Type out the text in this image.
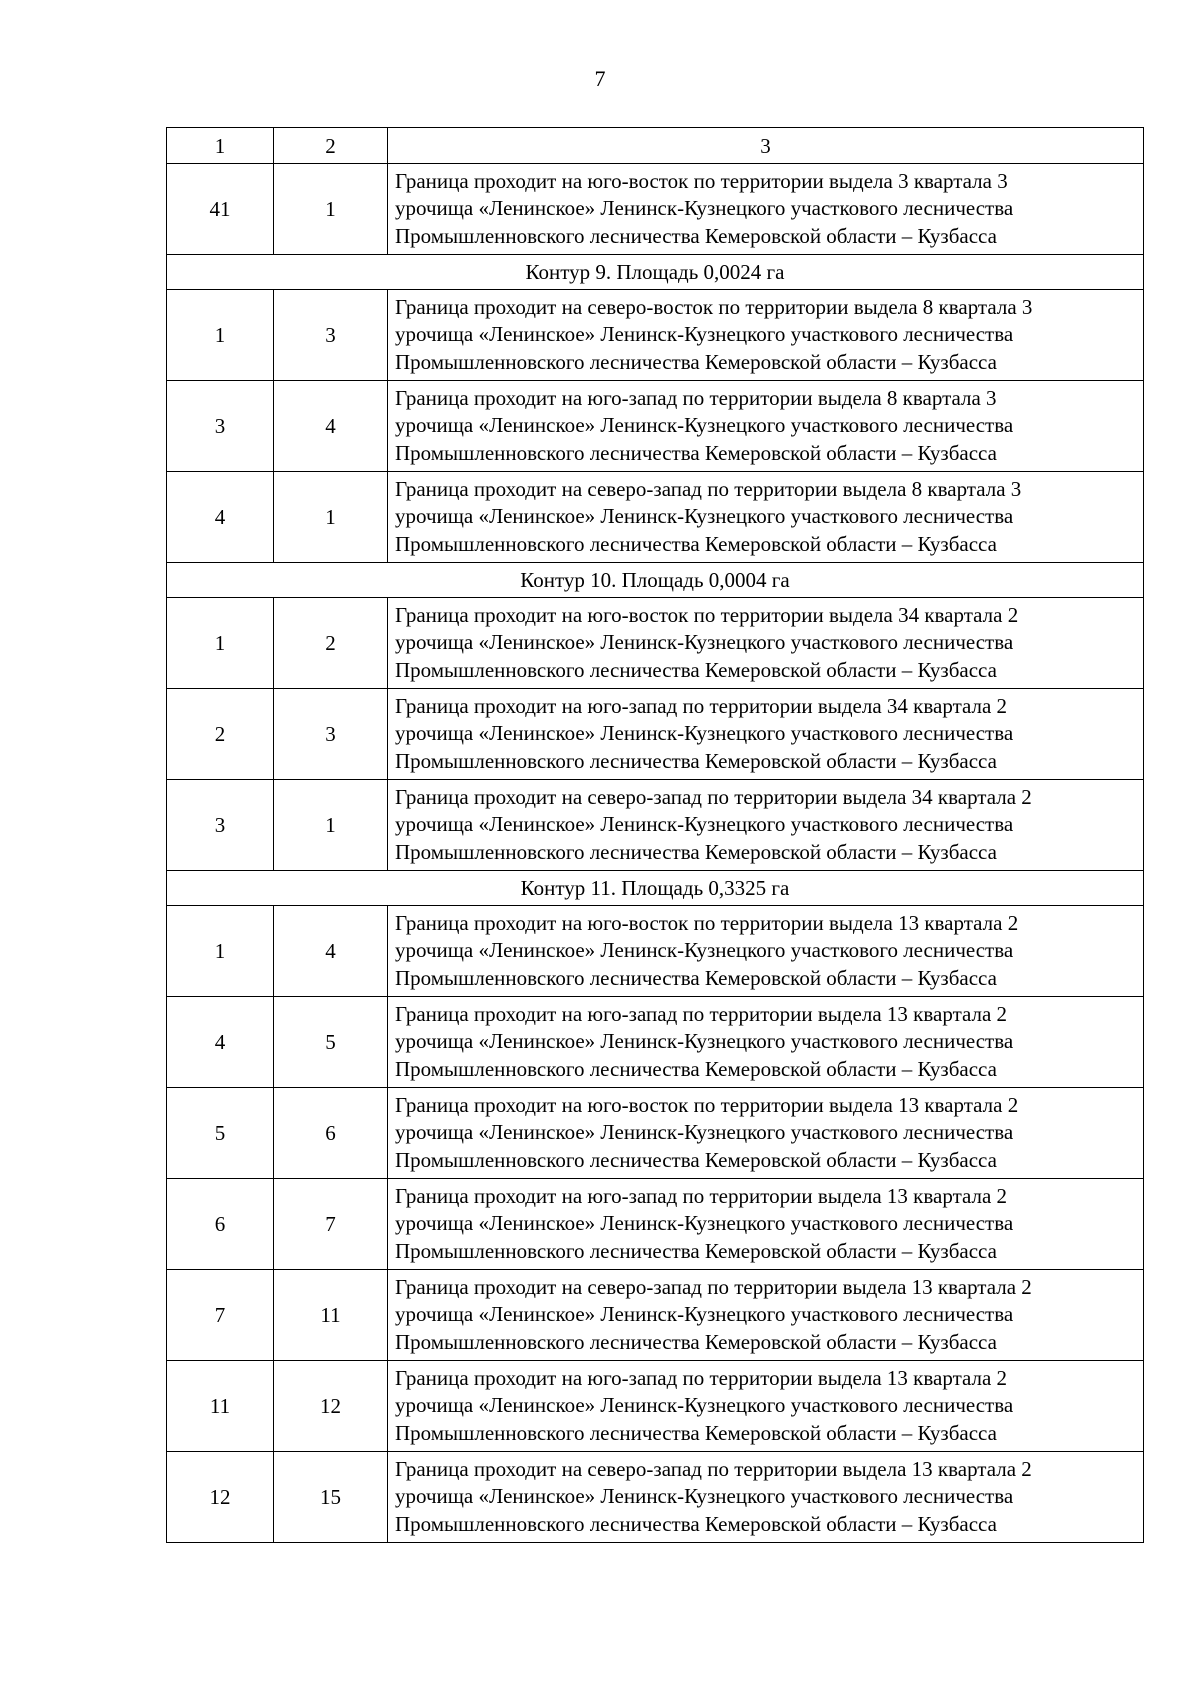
7
1	2	3
41	1	Граница проходит на юго-восток по территории выдела 3 квартала 3
урочища «Ленинское» Ленинск-Кузнецкого участкового лесничества
Промышленновского лесничества Кемеровской области – Кузбасса

Контур 9. Площадь 0,0024 га		
1	3	Граница проходит на северо-восток по территории выдела 8 квартала 3
урочища «Ленинское» Ленинск-Кузнецкого участкового лесничества
Промышленновского лесничества Кемеровской области – Кузбасса

3	4	Граница проходит на юго-запад по территории выдела 8 квартала 3
урочища «Ленинское» Ленинск-Кузнецкого участкового лесничества
Промышленновского лесничества Кемеровской области – Кузбасса

4	1	Граница проходит на северо-запад по территории выдела 8 квартала 3
урочища «Ленинское» Ленинск-Кузнецкого участкового лесничества
Промышленновского лесничества Кемеровской области – Кузбасса

Контур 10. Площадь 0,0004 га		
1	2	Граница проходит на юго-восток по территории выдела 34 квартала 2
урочища «Ленинское» Ленинск-Кузнецкого участкового лесничества
Промышленновского лесничества Кемеровской области – Кузбасса

2	3	Граница проходит на юго-запад по территории выдела 34 квартала 2
урочища «Ленинское» Ленинск-Кузнецкого участкового лесничества
Промышленновского лесничества Кемеровской области – Кузбасса

3	1	Граница проходит на северо-запад по территории выдела 34 квартала 2
урочища «Ленинское» Ленинск-Кузнецкого участкового лесничества
Промышленновского лесничества Кемеровской области – Кузбасса

Контур 11. Площадь 0,3325 га		
1	4	Граница проходит на юго-восток по территории выдела 13 квартала 2
урочища «Ленинское» Ленинск-Кузнецкого участкового лесничества
Промышленновского лесничества Кемеровской области – Кузбасса

4	5	Граница проходит на юго-запад по территории выдела 13 квартала 2
урочища «Ленинское» Ленинск-Кузнецкого участкового лесничества
Промышленновского лесничества Кемеровской области – Кузбасса

5	6	Граница проходит на юго-восток по территории выдела 13 квартала 2
урочища «Ленинское» Ленинск-Кузнецкого участкового лесничества
Промышленновского лесничества Кемеровской области – Кузбасса

6	7	Граница проходит на юго-запад по территории выдела 13 квартала 2
урочища «Ленинское» Ленинск-Кузнецкого участкового лесничества
Промышленновского лесничества Кемеровской области – Кузбасса

7	11	Граница проходит на северо-запад по территории выдела 13 квартала 2
урочища «Ленинское» Ленинск-Кузнецкого участкового лесничества
Промышленновского лесничества Кемеровской области – Кузбасса

11	12	Граница проходит на юго-запад по территории выдела 13 квартала 2
урочища «Ленинское» Ленинск-Кузнецкого участкового лесничества
Промышленновского лесничества Кемеровской области – Кузбасса

12	15	Граница проходит на северо-запад по территории выдела 13 квартала 2
урочища «Ленинское» Ленинск-Кузнецкого участкового лесничества
Промышленновского лесничества Кемеровской области – Кузбасса
